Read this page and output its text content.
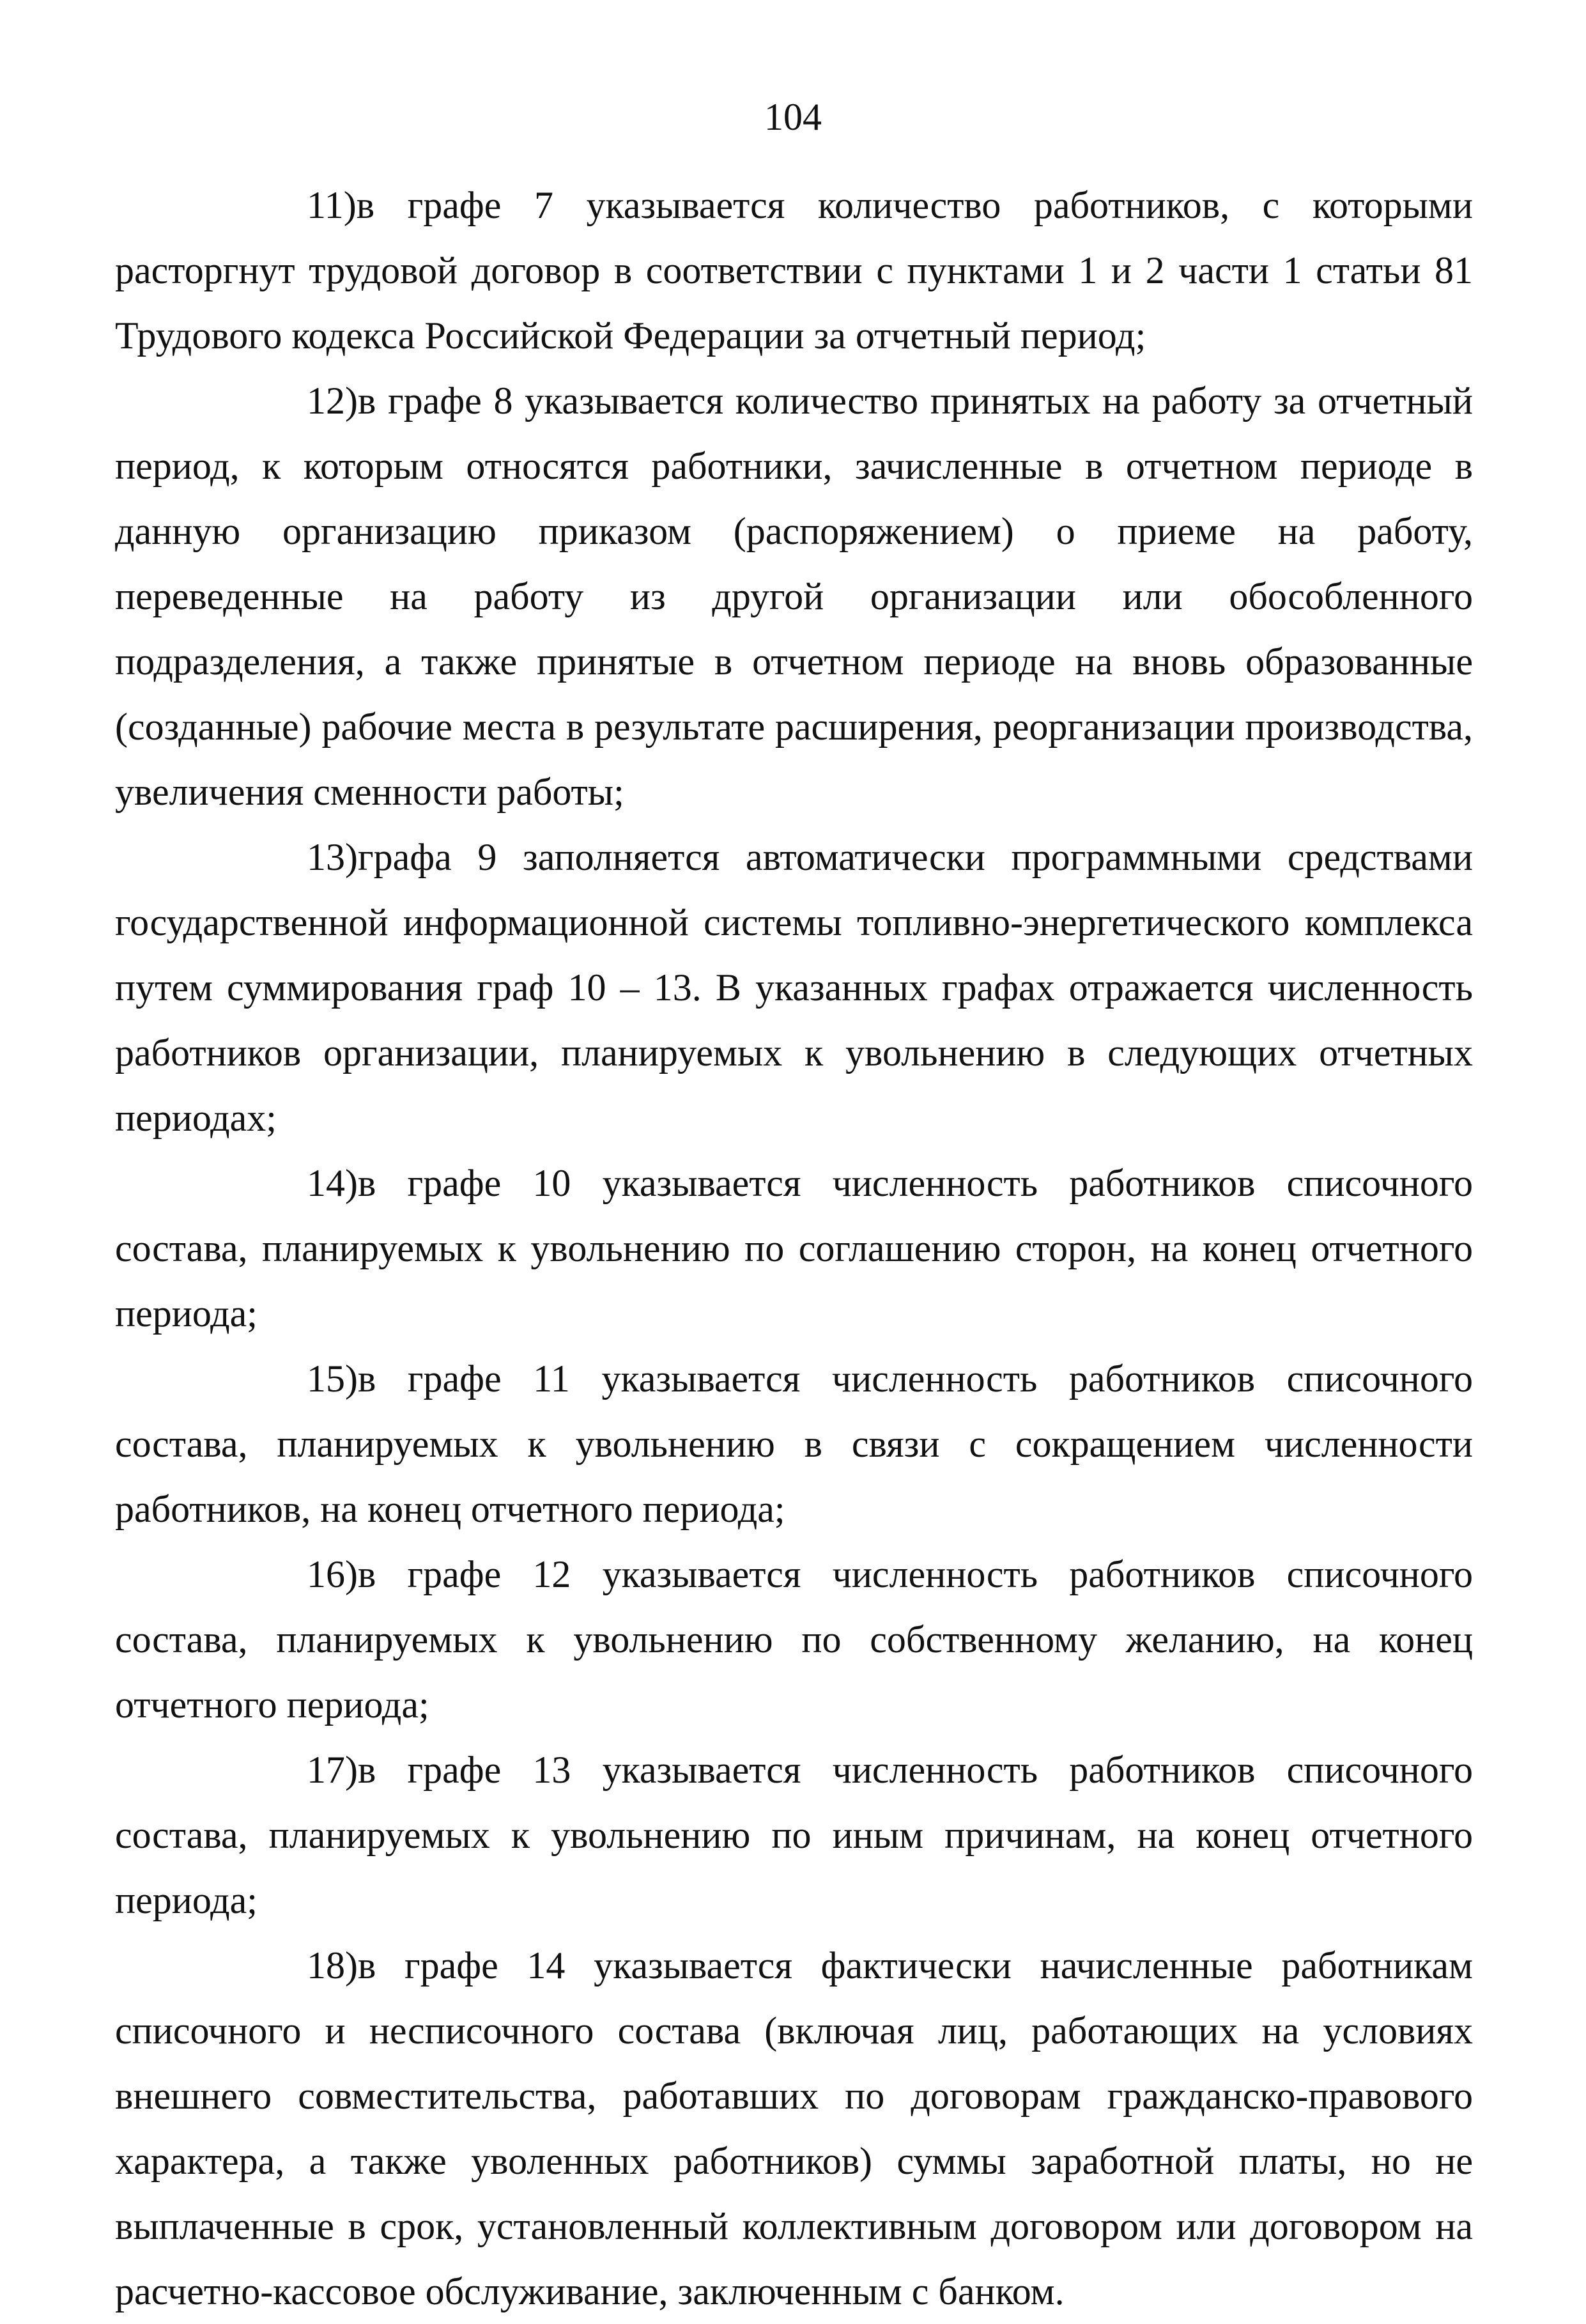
104

11)в графе 7 указывается количество работников, с которыми расторгнут трудовой договор в соответствии с пунктами 1 и 2 части 1 статьи 81 Трудового кодекса Российской Федерации за отчетный период;

12)в графе 8 указывается количество принятых на работу за отчетный период, к которым относятся работники, зачисленные в отчетном периоде в данную организацию приказом (распоряжением) о приеме на работу, переведенные на работу из другой организации или обособленного подразделения, а также принятые в отчетном периоде на вновь образованные (созданные) рабочие места в результате расширения, реорганизации производства, увеличения сменности работы;

13)графа 9 заполняется автоматически программными средствами государственной информационной системы топливно-энергетического комплекса путем суммирования граф 10 – 13. В указанных графах отражается численность работников организации, планируемых к увольнению в следующих отчетных периодах;

14)в графе 10 указывается численность работников списочного состава, планируемых к увольнению по соглашению сторон, на конец отчетного периода;

15)в графе 11 указывается численность работников списочного состава, планируемых к увольнению в связи с сокращением численности работников, на конец отчетного периода;

16)в графе 12 указывается численность работников списочного состава, планируемых к увольнению по собственному желанию, на конец отчетного периода;

17)в графе 13 указывается численность работников списочного состава, планируемых к увольнению по иным причинам, на конец отчетного периода;

18)в графе 14 указывается фактически начисленные работникам списочного и несписочного состава (включая лиц, работающих на условиях внешнего совместительства, работавших по договорам гражданско-правового характера, а также уволенных работников) суммы заработной платы, но не выплаченные в срок, установленный коллективным договором или договором на расчетно-кассовое обслуживание, заключенным с банком.
